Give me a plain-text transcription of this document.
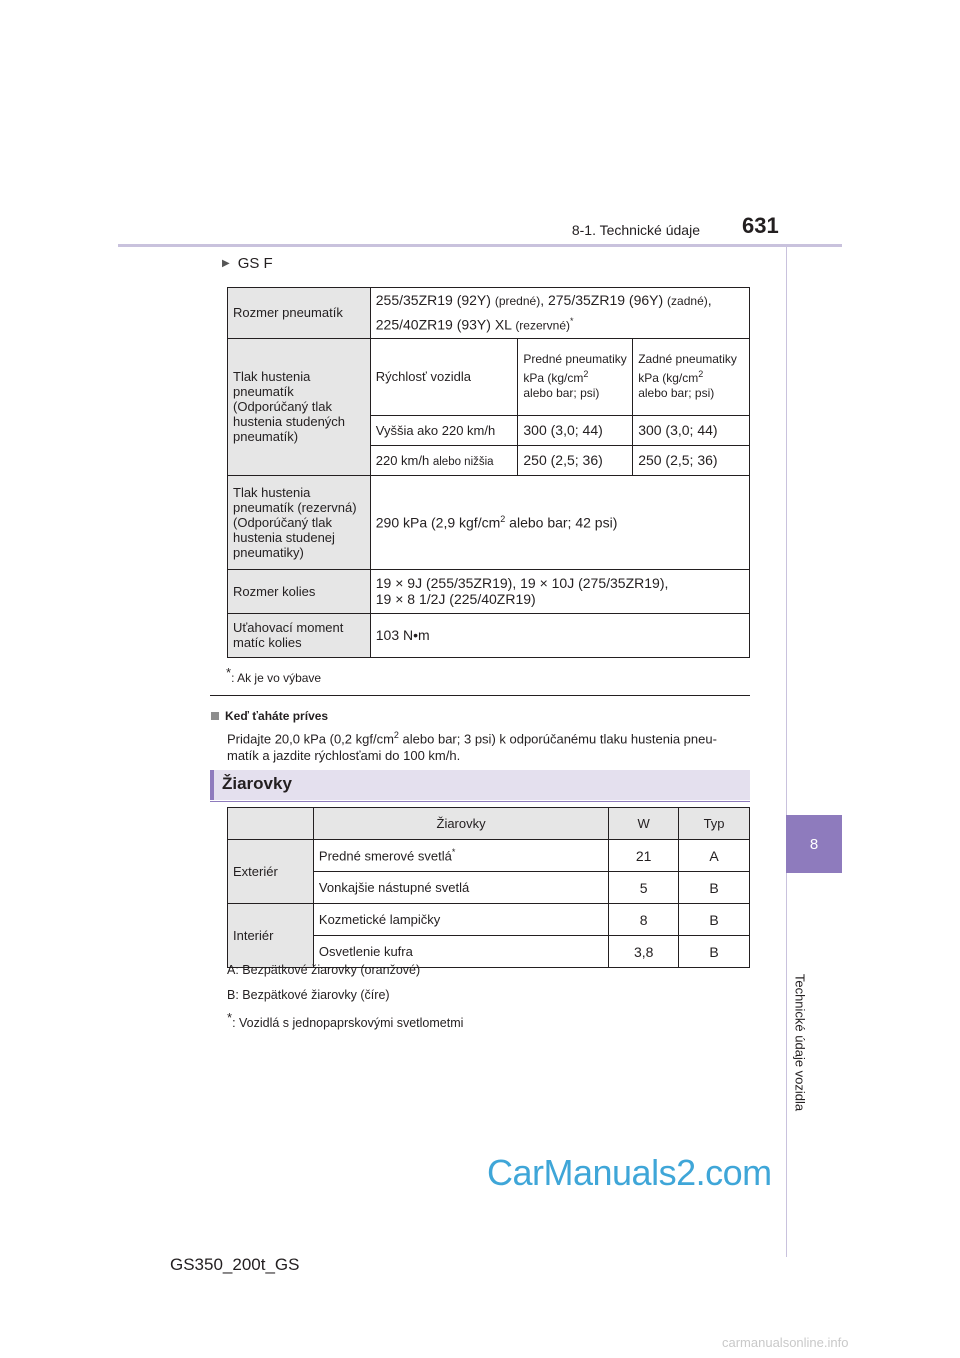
8-1. Technické údaje 631
8
Technické údaje vozidla
▶ GS F
Rozmer pneumatík	255/35ZR19 (92Y) (predné), 275/35ZR19 (96Y) (zadné),
225/40ZR19 (93Y) XL (rezervné)*
Tlak hustenia pneumatík (Odporúčaný tlak hustenia studených pneumatík)	Rýchlosť vozidla	Predné pneumatiky
kPa ($kg/cm^2$
alebo bar; psi)	Zadné pneumatiky
kPa ($kg/cm^2$
alebo bar; psi)
	Vyššia ako 220 km/h	300 (3,0; 44)	300 (3,0; 44)
	220 km/h alebo nižšia	250 (2,5; 36)	250 (2,5; 36)
Tlak hustenia pneumatík (rezervná) (Odporúčaný tlak hustenia studenej pneumatiky)	290 kPa (2,9 kgf/$cm^2$ alebo bar; 42 psi)		
Rozmer kolies	19 × 9J (255/35ZR19), 19 × 10J (275/35ZR19),
19 × 8 1/2J (225/40ZR19)		
Uťahovací moment matíc kolies	103 N•m		
*: Ak je vo výbave
Keď ťaháte príves
Pridajte 20,0 kPa (0,2 kgf/$cm^2$ alebo bar; 3 psi) k odporúčanému tlaku hustenia pneu-
matík a jazdite rýchlosťami do 100 km/h.
Žiarovky
	Žiarovky	W	Typ
Exteriér	Predné smerové svetlá*	21	A
	Vonkajšie nástupné svetlá	5	B
Interiér	Kozmetické lampičky	8	B
	Osvetlenie kufra	3,8	B
A: Bezpätkové žiarovky (oranžové)
B: Bezpätkové žiarovky (číre)
*: Vozidlá s jednopaprskovými svetlometmi
GS350_200t_GS
CarManuals2.com
carmanualsonline.info
